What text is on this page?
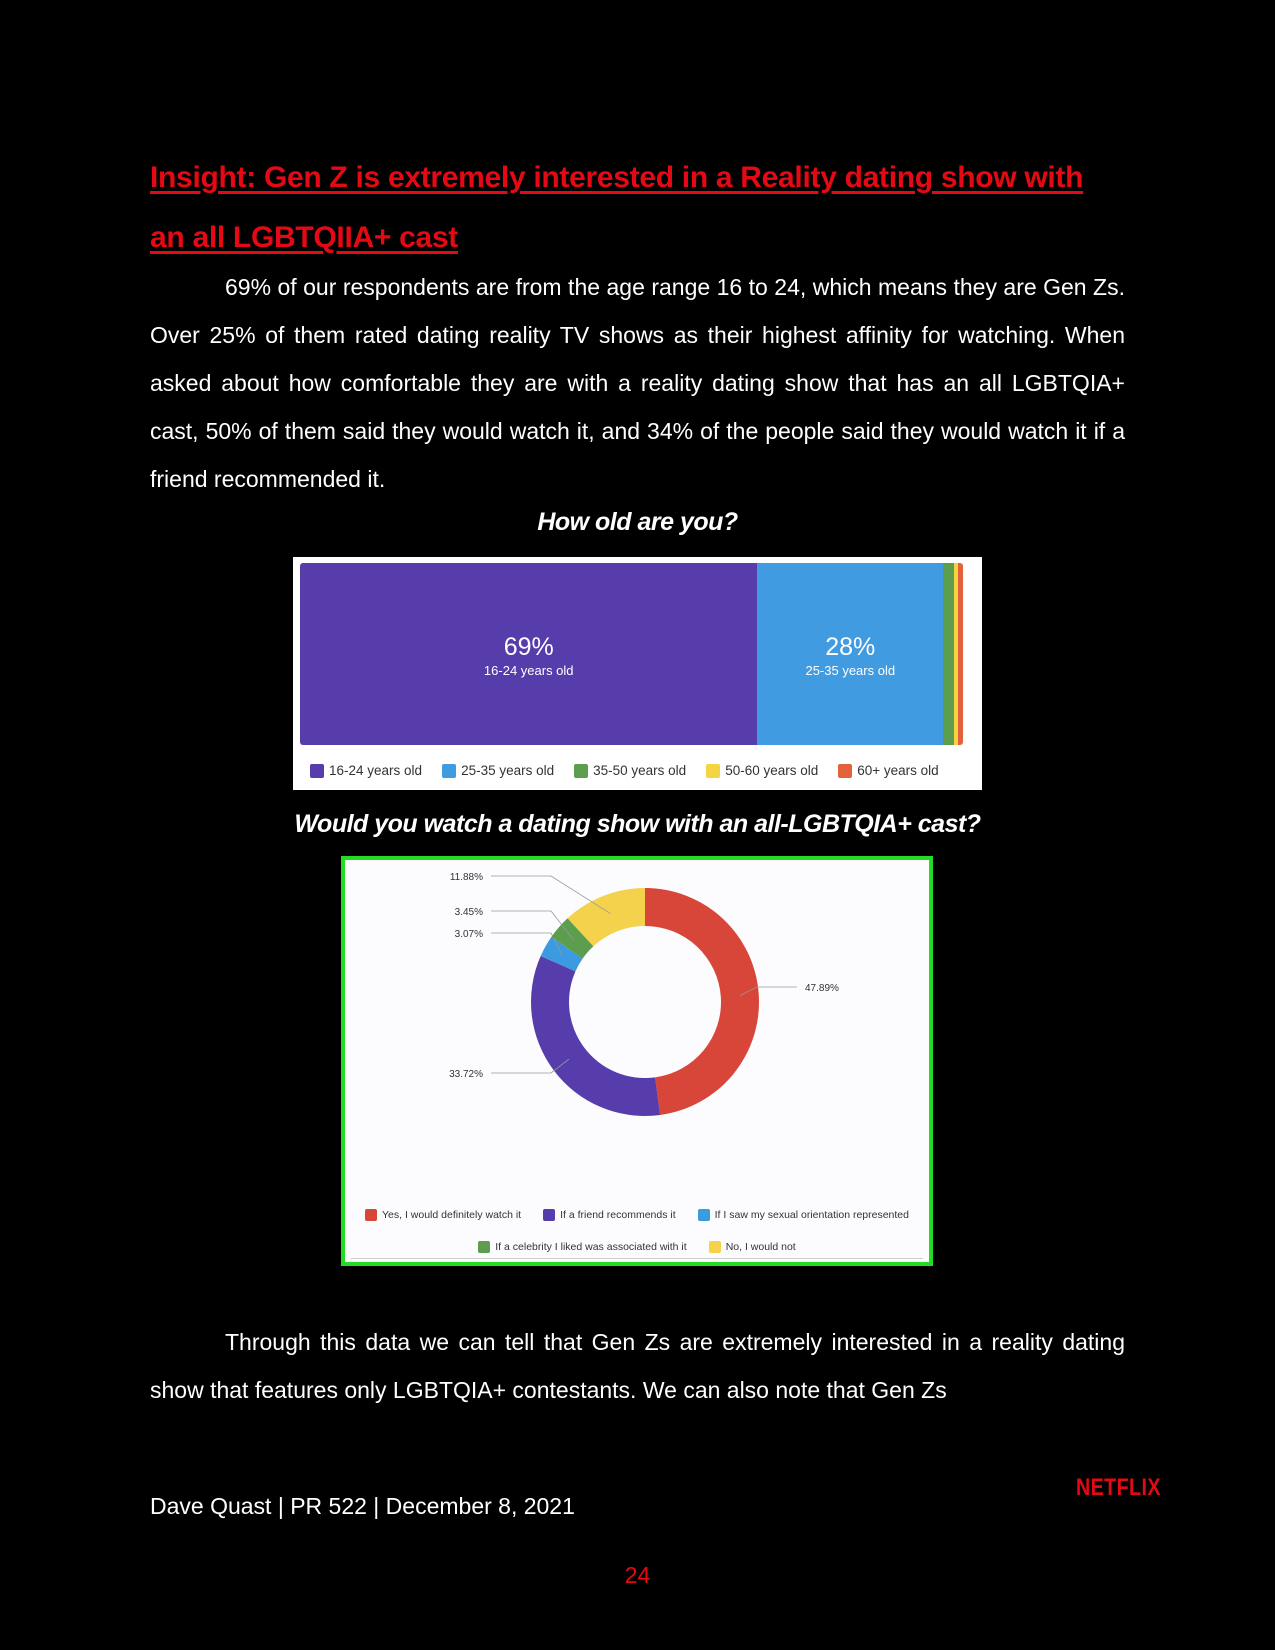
Insight: Gen Z is extremely interested in a Reality dating show with an all LGBTQIIA+ cast
69% of our respondents are from the age range 16 to 24, which means they are Gen Zs. Over 25% of them rated dating reality TV shows as their highest affinity for watching. When asked about how comfortable they are with a reality dating show that has an all LGBTQIA+ cast, 50% of them said they would watch it, and 34% of the people said they would watch it if a friend recommended it.
How old are you?
69%
16-24 years old
28%
25-35 years old
16-24 years old	25-35 years old	35-50 years old	50-60 years old	60+ years old
Would you watch a dating show with an all-LGBTQIA+ cast?
47.89%
33.72%
3.07%
3.45%
11.88%
Yes, I would definitely watch it	If a friend recommends it	If I saw my sexual orientation represented
If a celebrity I liked was associated with it	No, I would not
Through this data we can tell that Gen Zs are extremely interested in a reality dating show that features only LGBTQIA+ contestants. We can also note that Gen Zs
Dave Quast | PR 522 | December 8, 2021
NETFLIX
24
